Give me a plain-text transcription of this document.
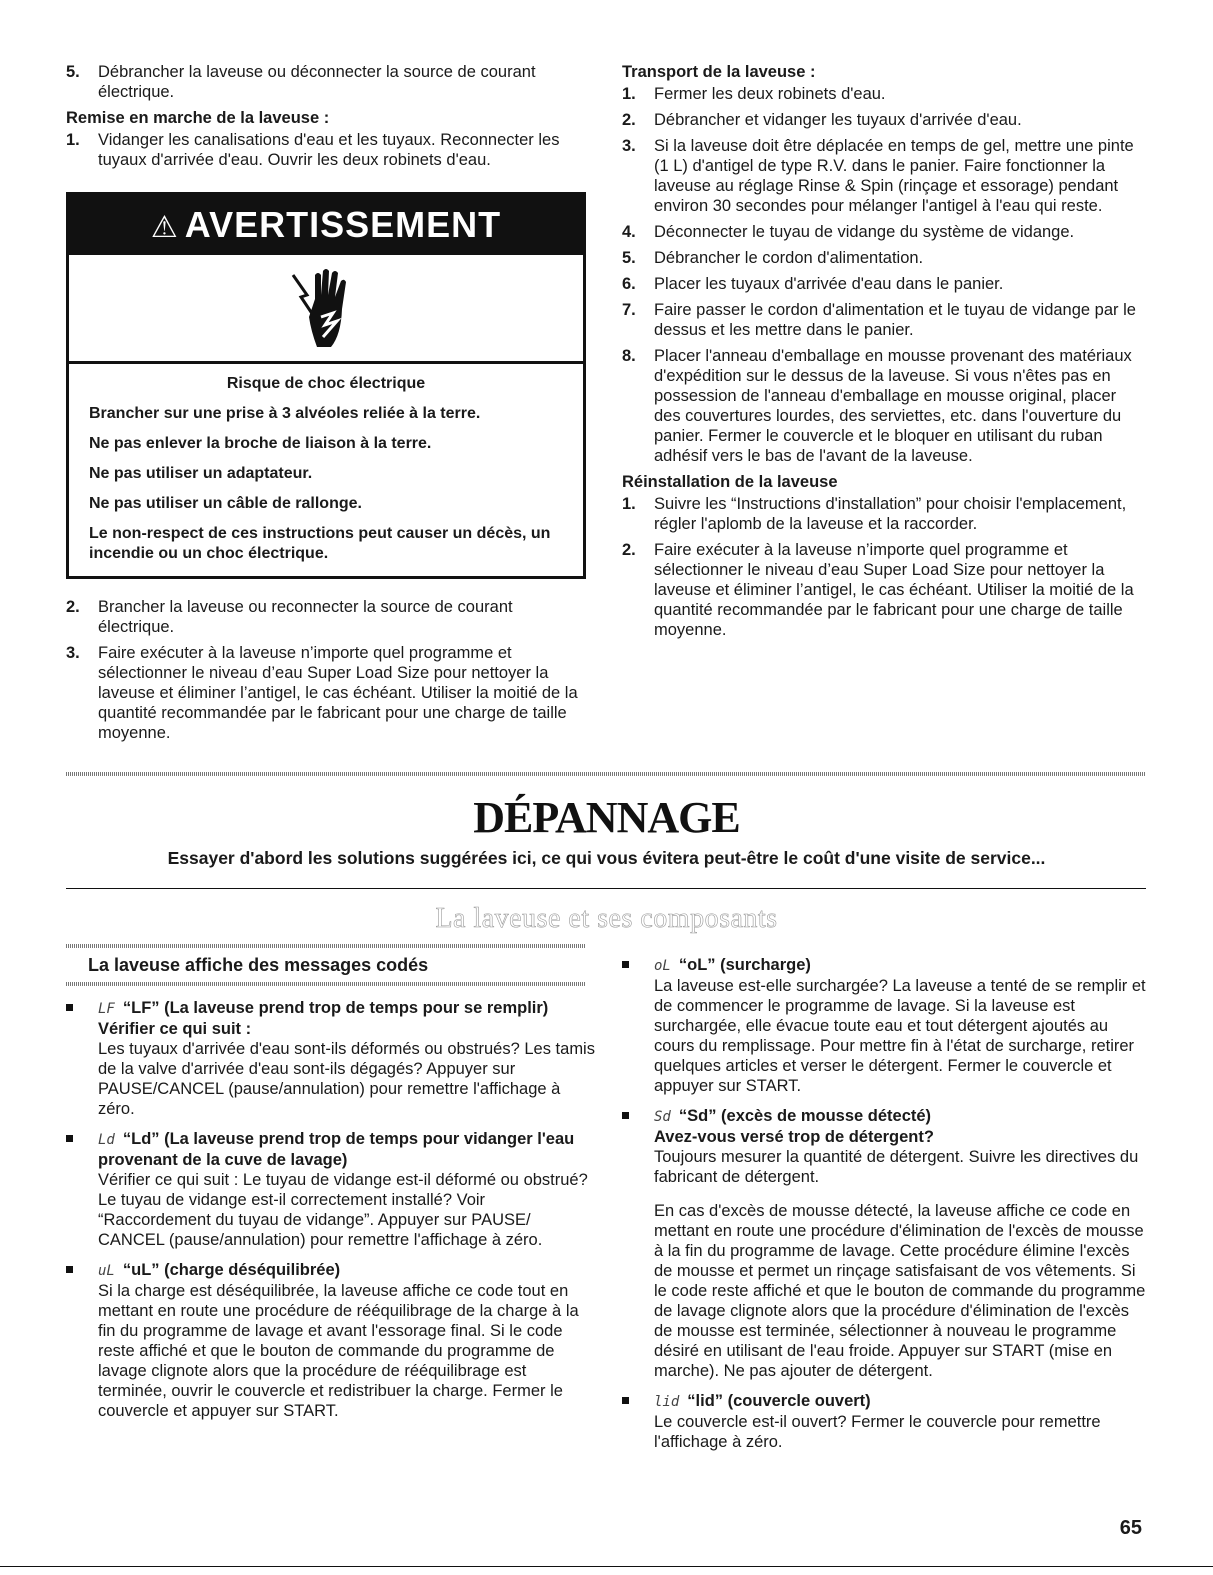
5. Débrancher la laveuse ou déconnecter la source de courant électrique.
Remise en marche de la laveuse :
1. Vidanger les canalisations d'eau et les tuyaux. Reconnecter les tuyaux d'arrivée d'eau. Ouvrir les deux robinets d'eau.
⚠ AVERTISSEMENT
Risque de choc électrique

Brancher sur une prise à 3 alvéoles reliée à la terre.

Ne pas enlever la broche de liaison à la terre.

Ne pas utiliser un adaptateur.

Ne pas utiliser un câble de rallonge.

Le non-respect de ces instructions peut causer un décès, un incendie ou un choc électrique.

2. Brancher la laveuse ou reconnecter la source de courant électrique.
3. Faire exécuter à la laveuse n’importe quel programme et sélectionner le niveau d’eau Super Load Size pour nettoyer la laveuse et éliminer l’antigel, le cas échéant. Utiliser la moitié de la quantité recommandée par le fabricant pour une charge de taille moyenne.
Transport de la laveuse :
1. Fermer les deux robinets d'eau.
2. Débrancher et vidanger les tuyaux d'arrivée d'eau.
3. Si la laveuse doit être déplacée en temps de gel, mettre une pinte (1 L) d'antigel de type R.V. dans le panier. Faire fonctionner la laveuse au réglage Rinse & Spin (rinçage et essorage) pendant environ 30 secondes pour mélanger l'antigel à l'eau qui reste.
4. Déconnecter le tuyau de vidange du système de vidange.
5. Débrancher le cordon d'alimentation.
6. Placer les tuyaux d'arrivée d'eau dans le panier.
7. Faire passer le cordon d'alimentation et le tuyau de vidange par le dessus et les mettre dans le panier.
8. Placer l'anneau d'emballage en mousse provenant des matériaux d'expédition sur le dessus de la laveuse. Si vous n'êtes pas en possession de l'anneau d'emballage en mousse original, placer des couvertures lourdes, des serviettes, etc. dans l'ouverture du panier. Fermer le couvercle et le bloquer en utilisant du ruban adhésif vers le bas de l'avant de la laveuse.
Réinstallation de la laveuse
1. Suivre les “Instructions d'installation” pour choisir l'emplacement, régler l'aplomb de la laveuse et la raccorder.
2. Faire exécuter à la laveuse n’importe quel programme et sélectionner le niveau d’eau Super Load Size pour nettoyer la laveuse et éliminer l’antigel, le cas échéant. Utiliser la moitié de la quantité recommandée par le fabricant pour une charge de taille moyenne.
DÉPANNAGE
Essayer d'abord les solutions suggérées ici, ce qui vous évitera peut-être le coût d'une visite de service...
La laveuse et ses composants
La laveuse affiche des messages codés

LF “LF” (La laveuse prend trop de temps pour se remplir)

Vérifier ce qui suit :

Les tuyaux d'arrivée d'eau sont-ils déformés ou obstrués? Les tamis de la valve d'arrivée d'eau sont-ils dégagés? Appuyer sur PAUSE/CANCEL (pause/annulation) pour remettre l'affichage à zéro.

Ld “Ld” (La laveuse prend trop de temps pour vidanger l'eau provenant de la cuve de lavage)

Vérifier ce qui suit : Le tuyau de vidange est-il déformé ou obstrué? Le tuyau de vidange est-il correctement installé? Voir “Raccordement du tuyau de vidange”. Appuyer sur PAUSE/ CANCEL (pause/annulation) pour remettre l'affichage à zéro.

uL “uL” (charge déséquilibrée)

Si la charge est déséquilibrée, la laveuse affiche ce code tout en mettant en route une procédure de rééquilibrage de la charge à la fin du programme de lavage et avant l'essorage final. Si le code reste affiché et que le bouton de commande du programme de lavage clignote alors que la procédure de rééquilibrage est terminée, ouvrir le couvercle et redistribuer la charge. Fermer le couvercle et appuyer sur START.

oL “oL” (surcharge)

La laveuse est-elle surchargée? La laveuse a tenté de se remplir et de commencer le programme de lavage. Si la laveuse est surchargée, elle évacue toute eau et tout détergent ajoutés au cours du remplissage. Pour mettre fin à l'état de surcharge, retirer quelques articles et verser le détergent. Fermer le couvercle et appuyer sur START.

Sd “Sd” (excès de mousse détecté)

Avez-vous versé trop de détergent?

Toujours mesurer la quantité de détergent. Suivre les directives du fabricant de détergent.

En cas d'excès de mousse détecté, la laveuse affiche ce code en mettant en route une procédure d'élimination de l'excès de mousse à la fin du programme de lavage. Cette procédure élimine l'excès de mousse et permet un rinçage satisfaisant de vos vêtements. Si le code reste affiché et que le bouton de commande du programme de lavage clignote alors que la procédure d'élimination de l'excès de mousse est terminée, sélectionner à nouveau le programme désiré en utilisant de l'eau froide. Appuyer sur START (mise en marche). Ne pas ajouter de détergent.

lid “lid” (couvercle ouvert)

Le couvercle est-il ouvert? Fermer le couvercle pour remettre l'affichage à zéro.

65
